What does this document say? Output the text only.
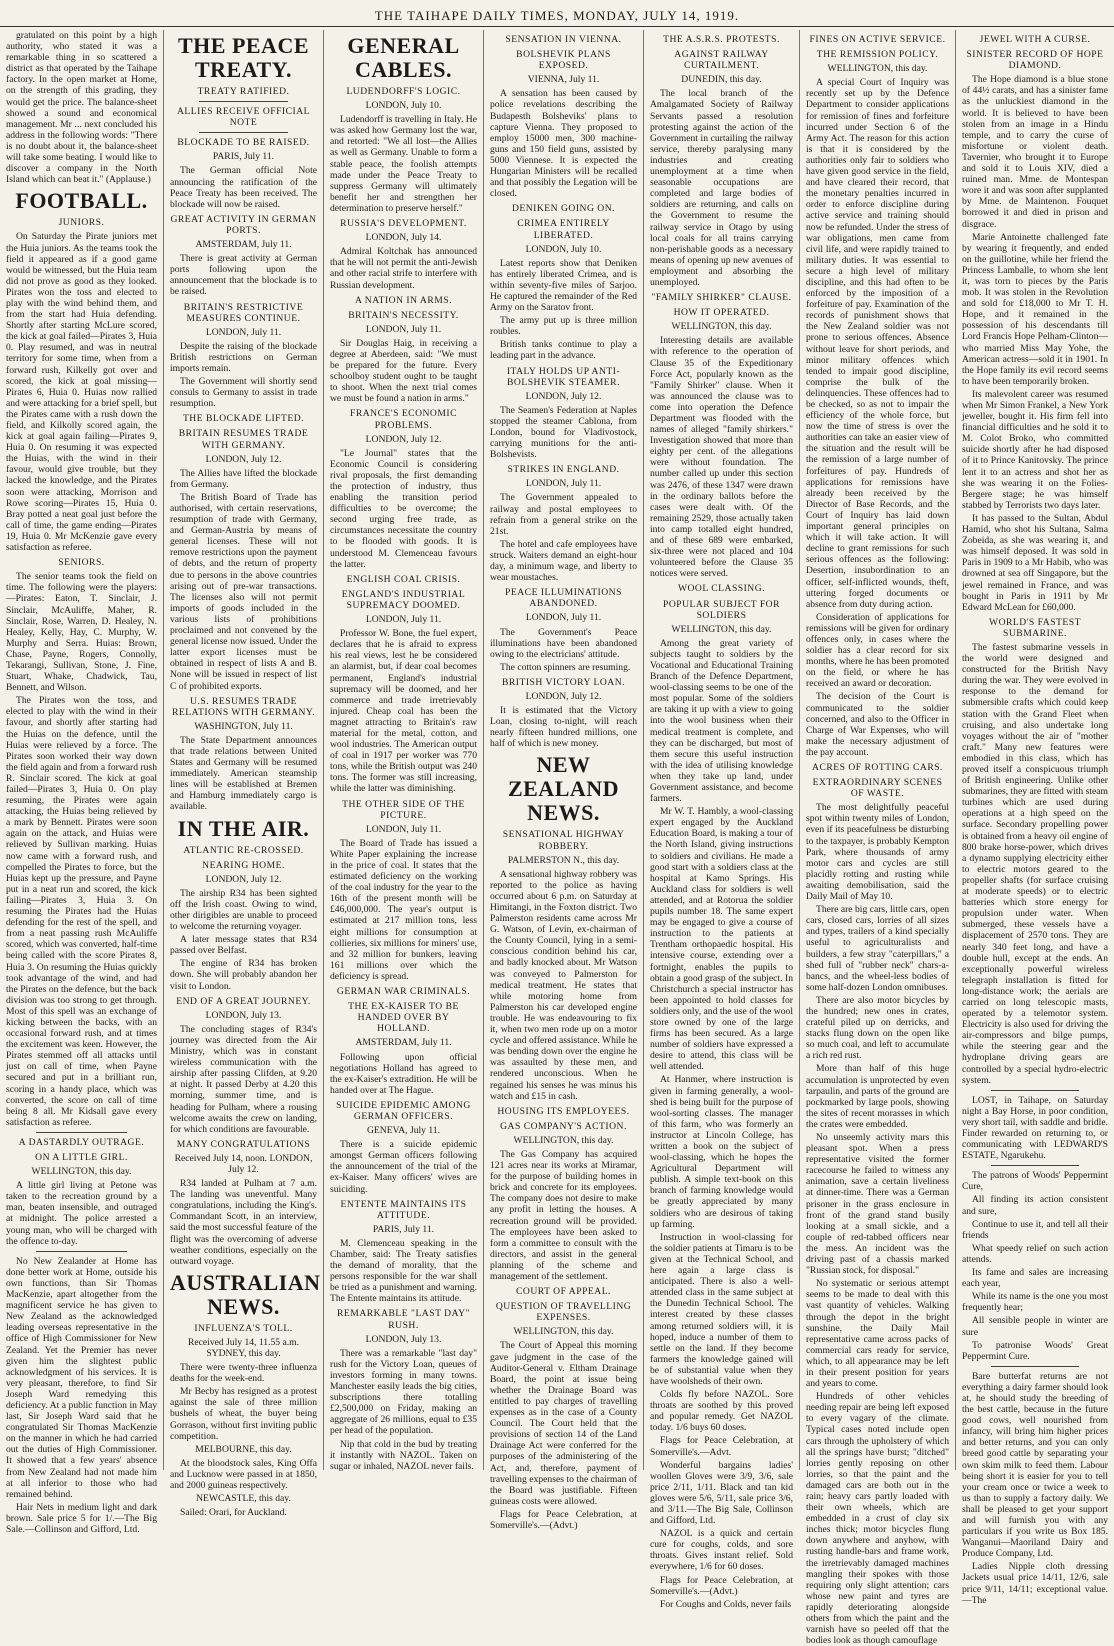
THE TAIHAPE DAILY TIMES, MONDAY, JULY 14, 1919.

gratulated on this point by a high authority, who stated it was a remarkable thing in so scattered a district as that operated by the Taihape factory. In the open market at Home, on the strength of this grading, they would get the price. The balance-sheet showed a sound and economical management. Mr ... next concluded his address in the following words: "There is no doubt about it, the balance-sheet will take some beating. I would like to discover a company in the North Island which can beat it." (Applause.)

FOOTBALL.
JUNIORS.

On Saturday the Pirate juniors met the Huia juniors. As the teams took the field it appeared as if a good game would be witnessed, but the Huia team did not prove as good as they looked. Pirates won the toss and elected to play with the wind behind them, and from the start had Huia defending. Shortly after starting McLure scored, the kick at goal failed—Pirates 3, Huia 0. Play resumed, and was in neutral territory for some time, when from a forward rush, Kilkelly got over and scored, the kick at goal missing—Pirates 6, Huia 0. Huias now rallied and were attacking for a brief spell, but the Pirates came with a rush down the field, and Kilkolly scored again, the kick at goal again failing—Pirates 9, Huia 0. On resuming it was expected the Huias, with the wind in their favour, would give trouble, but they lacked the knowledge, and the Pirates soon were attacking, Morrison and Rowe scoring—Pirates 15, Huia 0. Bray potted a neat goal just before the call of time, the game ending—Pirates 19, Huia 0. Mr McKenzie gave every satisfaction as referee.

SENIORS.

The senior teams took the field on time. The following were the players:—Pirates: Eaton, T. Sinclair, J. Sinclair, McAuliffe, Maher, R. Sinclair, Rose, Warren, D. Healey, N. Healey, Kelly, Hay, C. Murphy, W. Murphy and Serra. Huias: Brown, Chase, Payne, Rogers, Connolly, Tekarangi, Sullivan, Stone, J. Fine, Stuart, Whake, Chadwick, Tau, Bennett, and Wilson.

The Pirates won the toss, and elected to play with the wind in their favour, and shortly after starting had the Huias on the defence, until the Huias were relieved by a force. The Pirates soon worked their way down the field again and from a forward rush R. Sinclair scored. The kick at goal failed—Pirates 3, Huia 0. On play resuming, the Pirates were again attacking, the Huias being relieved by a mark by Bennett. Pirates were soon again on the attack, and Huias were relieved by Sullivan marking. Huias now came with a forward rush, and compelled the Pirates to force, but the Huias kept up the pressure, and Payne put in a neat run and scored, the kick failing—Pirates 3, Huia 3. On resuming the Pirates had the Huias defending for the rest of the spell, and from a neat passing rush McAuliffe scored, which was converted, half-time being called with the score Pirates 8, Huia 3. On resuming the Huias quickly took advantage of the wind, and had the Pirates on the defence, but the back division was too strong to get through. Most of this spell was an exchange of kicking between the backs, with an occasional forward rush, and at times the excitement was keen. However, the Pirates stemmed off all attacks until just on call of time, when Payne secured and put in a brilliant run, scoring in a handy place, which was converted, the score on call of time being 8 all. Mr Kidsall gave every satisfaction as referee.

A DASTARDLY OUTRAGE.
ON A LITTLE GIRL.
WELLINGTON, this day.

A little girl living at Petone was taken to the recreation ground by a man, beaten insensible, and outraged at midnight. The police arrested a young man, who will be charged with the offence to-day.

No New Zealander at Home has done better work at Home, outside his own functions, than Sir Thomas MacKenzie, apart altogether from the magnificent service he has given to New Zealand as the acknowledged leading overseas representative in the office of High Commissioner for New Zealand. Yet the Premier has never given him the slightest public acknowledgment of his services. It is very pleasant, therefore, to find Sir Joseph Ward remedying this deficiency. At a public function in May last, Sir Joseph Ward said that he congratulated Sir Thomas MacKenzie on the manner in which he had carried out the duties of High Commissioner. It showed that a few years' absence from New Zealand had not made him at all inferior to those who had remained behind.

Hair Nets in medium light and dark brown. Sale price 5 for 1/.—The Big Sale.—Collinson and Gifford, Ltd.

THE PEACE TREATY.
TREATY RATIFIED.
ALLIES RECEIVE OFFICIAL NOTE
BLOCKADE TO BE RAISED.
PARIS, July 11.

The German official Note announcing the ratification of the Peace Treaty has been received. The blockade will now be raised.

GREAT ACTIVITY IN GERMAN PORTS.
AMSTERDAM, July 11.

There is great activity at German ports following upon the announcement that the blockade is to be raised.

BRITAIN'S RESTRICTIVE MEASURES CONTINUE.
LONDON, July 11.

Despite the raising of the blockade British restrictions on German imports remain.

The Government will shortly send consuls to Germany to assist in trade resumption.

THE BLOCKADE LIFTED.
BRITAIN RESUMES TRADE WITH GERMANY.
LONDON, July 12.

The Allies have lifted the blockade from Germany.

The British Board of Trade has authorised, with certain reservations, resumption of trade with Germany, and German-Austria by means of general licenses. These will not remove restrictions upon the payment of debts, and the return of property due to persons in the above countries arising out of pre-war transactions. The licenses also will not permit imports of goods included in the various lists of prohibitions proclaimed and not convened by the general license now issued. Under the latter export licenses must be obtained in respect of lists A and B. None will be issued in respect of list C of prohibited exports.

U.S. RESUMES TRADE RELATIONS WITH GERMANY.
WASHINGTON, July 11.

The State Department announces that trade relations between United States and Germany will be resumed immediately. American steamship lines will be established at Bremen and Hamburg immediately cargo is available.

IN THE AIR.
ATLANTIC RE-CROSSED.
NEARING HOME.
LONDON, July 12.

The airship R34 has been sighted off the Irish coast. Owing to wind, other dirigibles are unable to proceed to welcome the returning voyager.

A later message states that R34 passed over Belfast.

The engine of R34 has broken down. She will probably abandon her visit to London.

END OF A GREAT JOURNEY.
LONDON, July 13.

The concluding stages of R34's journey was directed from the Air Ministry, which was in constant wireless communication with the airship after passing Clifden, at 9.20 at night. It passed Derby at 4.20 this morning, summer time, and is heading for Pulham, where a rousing welcome awaits the crew on landing, for which conditions are favourable.

MANY CONGRATULATIONS
Received July 14, noon. LONDON, July 12.

R34 landed at Pulham at 7 a.m. The landing was uneventful. Many congratulations, including the King's. Commandant Scott, in an interview, said the most successful feature of the flight was the overcoming of adverse weather conditions, especially on the outward voyage.

AUSTRALIAN NEWS.
INFLUENZA'S TOLL.
Received July 14, 11.55 a.m. SYDNEY, this day.

There were twenty-three influenza deaths for the week-end.

Mr Becby has resigned as a protest against the sale of three million bushels of wheat, the buyer being Gorrason, without first inviting public competition.

MELBOURNE, this day.

At the bloodstock sales, King Offa and Lucknow were passed in at 1850, and 2000 guineas respectively.

NEWCASTLE, this day.

Sailed: Orari, for Auckland.

GENERAL CABLES.
LUDENDORFF'S LOGIC.
LONDON, July 10.

Ludendorff is travelling in Italy. He was asked how Germany lost the war, and retorted: "We all lost—the Allies as well as Germany. Unable to form a stable peace, the foolish attempts made under the Peace Treaty to suppress Germany will ultimately benefit her and strengthen her determination to preserve herself."

RUSSIA'S DEVELOPMENT.
LONDON, July 14.

Admiral Koltchak has announced that he will not permit the anti-Jewish and other racial strife to interfere with Russian development.

A NATION IN ARMS.
BRITAIN'S NECESSITY.
LONDON, July 11.

Sir Douglas Haig, in receiving a degree at Aberdeen, said: "We must be prepared for the future. Every schoolboy student ought to be taught to shoot. When the next trial comes we must be found a nation in arms."

FRANCE'S ECONOMIC PROBLEMS.
LONDON, July 12.

"Le Journal" states that the Economic Council is considering rival proposals, the first demanding the protection of industry, thus enabling the transition period difficulties to be overcome; the second urging free trade, as circumstances necessitate the country to be flooded with goods. It is understood M. Clemenceau favours the latter.

ENGLISH COAL CRISIS.
ENGLAND'S INDUSTRIAL SUPREMACY DOOMED.
LONDON, July 11.

Professor W. Bone, the fuel expert, declares that he is afraid to express his real views, lest he be considered an alarmist, but, if dear coal becomes permanent, England's industrial supremacy will be doomed, and her commerce and trade irretrievably injured. Cheap coal has been the magnet attracting to Britain's raw material for the metal, cotton, and wool industries. The American output of coal in 1917 per worker was 770 tons, while the British output was 240 tons. The former was still increasing, while the latter was diminishing.

THE OTHER SIDE OF THE PICTURE.
LONDON, July 11.

The Board of Trade has issued a White Paper explaining the increase in the price of coal. It states that the estimated deficiency on the working of the coal industry for the year to the 16th of the present month will be £46,000,000. The year's output is estimated at 217 million tons, less eight millions for consumption at collieries, six millions for miners' use, and 32 million for bunkers, leaving 161 millions over which the deficiency is spread.

GERMAN WAR CRIMINALS.
THE EX-KAISER TO BE HANDED OVER BY HOLLAND.
AMSTERDAM, July 11.

Following upon official negotiations Holland has agreed to the ex-Kaiser's extradition. He will be handed over at The Hague.

SUICIDE EPIDEMIC AMONG GERMAN OFFICERS.
GENEVA, July 11.

There is a suicide epidemic amongst German officers following the announcement of the trial of the ex-Kaiser. Many officers' wives are suiciding.

ENTENTE MAINTAINS ITS ATTITUDE.
PARIS, July 11.

M. Clemenceau speaking in the Chamber, said: The Treaty satisfies the demand of morality, that the persons responsible for the war shall be tried as a punishment and warning. The Entente maintains its attitude.

REMARKABLE "LAST DAY" RUSH.
LONDON, July 13.

There was a remarkable "last day" rush for the Victory Loan, queues of investors forming in many towns. Manchester easily leads the big cities, subscriptions there totalling £2,500,000 on Friday, making an aggregate of 26 millions, equal to £35 per head of the population.

Nip that cold in the bud by treating it instantly with NAZOL. Taken on sugar or inhaled, NAZOL never fails.

SENSATION IN VIENNA.
BOLSHEVIK PLANS EXPOSED.
VIENNA, July 11.

A sensation has been caused by police revelations describing the Budapesth Bolsheviks' plans to capture Vienna. They proposed to employ 15000 men, 300 machine-guns and 150 field guns, assisted by 5000 Viennese. It is expected the Hungarian Ministers will be recalled and that possibly the Legation will be closed.

DENIKEN GOING ON.
CRIMEA ENTIRELY LIBERATED.
LONDON, July 10.

Latest reports show that Deniken has entirely liberated Crimea, and is within seventy-five miles of Sarjoo. He captured the remainder of the Red Army on the Saratov front.

The army put up is three million roubles.

British tanks continue to play a leading part in the advance.

ITALY HOLDS UP ANTI-BOLSHEVIK STEAMER.
LONDON, July 12.

The Seamen's Federation at Naples stopped the steamer Cablona, from London, bound for Vladivostock, carrying munitions for the anti-Bolshevists.

STRIKES IN ENGLAND.
LONDON, July 11.

The Government appealed to railway and postal employees to refrain from a general strike on the 21st.

The hotel and cafe employees have struck. Waiters demand an eight-hour day, a minimum wage, and liberty to wear moustaches.

PEACE ILLUMINATIONS ABANDONED.
LONDON, July 11.

The Government's Peace illuminations have been abandoned owing to the electricians' attitude.

The cotton spinners are resuming.

BRITISH VICTORY LOAN.
LONDON, July 12.

It is estimated that the Victory Loan, closing to-night, will reach nearly fifteen hundred millions, one half of which is new money.

NEW ZEALAND NEWS.
SENSATIONAL HIGHWAY ROBBERY.
PALMERSTON N., this day.

A sensational highway robbery was reported to the police as having occurred about 6 p.m. on Saturday at Himitangi, in the Foxton district. Two Palmerston residents came across Mr G. Watson, of Levin, ex-chairman of the County Council, lying in a semi-conscious condition behind his car, and badly knocked about. Mr Watson was conveyed to Palmerston for medical treatment. He states that while motoring home from Palmerston his car developed engine trouble. He was endeavouring to fix it, when two men rode up on a motor cycle and offered assistance. While he was bending down over the engine he was assaulted by these men, and rendered unconscious. When he regained his senses he was minus his watch and £15 in cash.

HOUSING ITS EMPLOYEES.
GAS COMPANY'S ACTION.
WELLINGTON, this day.

The Gas Company has acquired 121 acres near its works at Miramar, for the purpose of building homes in brick and concrete for its employees. The company does not desire to make any profit in letting the houses. A recreation ground will be provided. The employees have been asked to form a committee to consult with the directors, and assist in the general planning of the scheme and management of the settlement.

COURT OF APPEAL.
QUESTION OF TRAVELLING EXPENSES.
WELLINGTON, this day.

The Court of Appeal this morning gave judgment in the case of the Auditor-General v. Eltham Drainage Board, the point at issue being whether the Drainage Board was entitled to pay charges of travelling expenses as in the case of a County Council. The Court held that the provisions of section 14 of the Land Drainage Act were conferred for the purposes of the administering of the Act, and, therefore, payment of travelling expenses to the chairman of the Board was justifiable. Fifteen guineas costs were allowed.

Flags for Peace Celebration, at Somerville's.—(Advt.)

THE A.S.R.S. PROTESTS.
AGAINST RAILWAY CURTAILMENT.
DUNEDIN, this day.

The local branch of the Amalgamated Society of Railway Servants passed a resolution protesting against the action of the Government in curtailing the railway service, thereby paralysing many industries and creating unemployment at a time when seasonable occupations are completed and large bodies of soldiers are returning, and calls on the Government to resume the railway service in Otago by using local coals for all trains carrying non-perishable goods as a necessary means of opening up new avenues of employment and absorbing the unemployed.

"FAMILY SHIRKER" CLAUSE.
HOW IT OPERATED.
WELLINGTON, this day.

Interesting details are available with reference to the operation of Clause 35 of the Expeditionary Force Act, popularly known as the "Family Shirker" clause. When it was announced the clause was to come into operation the Defence Department was flooded with the names of alleged "family shirkers." Investigation showed that more than eighty per cent. of the allegations were without foundation. The number called up under this section was 2476, of these 1347 were drawn in the ordinary ballots before the cases were dealt with. Of the remaining 2529, those actually taken into camp totalled eight hundred, and of these 689 were embarked, six-three were not placed and 104 volunteered before the Clause 35 notices were served.

WOOL CLASSING.
POPULAR SUBJECT FOR SOLDIERS
WELLINGTON, this day.

Among the great variety of subjects taught to soldiers by the Vocational and Educational Training Branch of the Defence Department, wool-classing seems to be one of the most popular. Some of the soldiers are taking it up with a view to going into the wool business when their medical treatment is complete, and they can be discharged, but most of them secure this useful instruction with the idea of utilising knowledge when they take up land, under Government assistance, and become farmers.

Mr W. T. Hambly, a wool-classing expert engaged by the Auckland Education Board, is making a tour of the North Island, giving instructions to soldiers and civilians. He made a good start with a soldiers class at the hospital at Kamo Springs. His Auckland class for soldiers is well attended, and at Rotorua the soldier pupils number 18. The same expert may be engaged to give a course of instruction to the patients at Trentham orthopaedic hospital. His intensive course, extending over a fortnight, enables the pupils to obtain a good grasp of the subject. In Christchurch a special instructor has been appointed to hold classes for soldiers only, and the use of the wool store owned by one of the large firms has been secured. As a large number of soldiers have expressed a desire to attend, this class will be well attended.

At Hanmer, where instruction is given in farming generally, a wool-shed is being built for the purpose of wool-sorting classes. The manager of this farm, who was formerly an instructor at Lincoln College, has written a book on the subject of wool-classing, which he hopes the Agricultural Department will publish. A simple text-book on this branch of farming knowledge would be greatly appreciated by many soldiers who are desirous of taking up farming.

Instruction in wool-classing for the soldier patients at Timaru is to be given at the Technical School, and here again a large class is anticipated. There is also a well-attended class in the same subject at the Dunedin Technical School. The interest created by these classes among returned soldiers will, it is hoped, induce a number of them to settle on the land. If they become farmers the knowledge gained will be of substantial value when they have woolsheds of their own.

Colds fly before NAZOL. Sore throats are soothed by this proved and popular remedy. Get NAZOL today. 1/6 buys 60 doses.

Flags for Peace Celebration, at Somerville's.—Advt.

Wonderful bargains ladies' woollen Gloves were 3/9, 3/6, sale price 2/11, 1/11. Black and tan kid gloves were 5/6, 5/11, sale price 3/6, and 3/11.—The Big Sale, Collinson and Gifford, Ltd.

NAZOL is a quick and certain cure for coughs, colds, and sore throats. Gives instant relief. Sold everywhere, 1/6 for 60 doses.

Flags for Peace Celebration, at Somerville's.—(Advt.)

For Coughs and Colds, never fails

FINES ON ACTIVE SERVICE.
THE REMISSION POLICY.
WELLINGTON, this day.

A special Court of Inquiry was recently set up by the Defence Department to consider applications for remission of fines and forfeiture incurred under Section 6 of the Army Act. The reason for this action is that it is considered by the authorities only fair to soldiers who have given good service in the field, and have cleared their record, that the monetary penalties incurred in order to enforce discipline during active service and training should now be refunded. Under the stress of war obligations, men came from civil life, and were rapidly trained to military duties. It was essential to secure a high level of military discipline, and this had often to be enforced by the imposition of a forfeiture of pay. Examination of the records of punishment shows that the New Zealand soldier was not prone to serious offences. Absence without leave for short periods, and minor military offences which tended to impair good discipline, comprise the bulk of the delinquencies. These offences had to be checked, so as not to impair the efficiency of the whole force, but now the time of stress is over the authorities can take an easier view of the situation and the result will be the remission of a large number of forfeitures of pay. Hundreds of applications for remissions have already been received by the Director of Base Records, and the Court of Inquiry has laid down important general principles on which it will take action. It will decline to grant remissions for such serious offences as the following: Desertion, insubordination to an officer, self-inflicted wounds, theft, uttering forged documents or absence from duty during action.

Consideration of applications for remissions will be given for ordinary offences only, in cases where the soldier has a clear record for six months, where he has been promoted on the field, or where he has received an award or decoration.

The decision of the Court is communicated to the soldier concerned, and also to the Officer in Charge of War Expenses, who will make the necessary adjustment of the pay account.

ACRES OF ROTTING CARS.
EXTRAORDINARY SCENES OF WASTE.

The most delightfully peaceful spot within twenty miles of London, even if its peacefulness be disturbing to the taxpayer, is probably Kempton Park, where thousands of army motor cars and cycles are still placidly rotting and rusting while awaiting demobilisation, said the Daily Mail of May 10.

There are big cars, little cars, open cars, closed cars, lorries of all sizes and types, trailers of a kind specially useful to agriculturalists and builders, a few stray "caterpillars," a shed full of "rubber neck" chars-a-bancs, and the wheel-less bodies of some half-dozen London omnibuses.

There are also motor bicycles by the hundred; new ones in crates, crateful piled up on derricks, and stacks flung down on the open like so much coal, and left to accumulate a rich red rust.

More than half of this huge accumulation is unprotected by even tarpaulin, and parts of the ground are pockmarked by large pools, showing the sites of recent morasses in which the crates were embedded.

No unseemly activity mars this pleasant spot. When a press representative visited the former racecourse he failed to witness any animation, save a certain liveliness at dinner-time. There was a German prisoner in the grass enclosure in front of the grand stand busily looking at a small sickle, and a couple of red-tabbed officers near the mess. An incident was the driving past of a chassis marked "Russian stock, for disposal."

No systematic or serious attempt seems to be made to deal with this vast quantity of vehicles. Walking through the depot in the bright sunshine, the Daily Mail representative came across packs of commercial cars ready for service, which, to all appearance may be left in their present position for years and years to come.

Hundreds of other vehicles needing repair are being left exposed to every vagary of the climate. Typical cases noted include open cars through the upholstery of which all the springs have burst; "ditched" lorries gently reposing on other lorries, so that the paint and the damaged cars are both out in the rain; heavy cars partly loaded with their own wheels, which are embedded in a crust of clay six inches thick; motor bicycles flung down anywhere and anyhow, with rusting handle-bars and frame work, the irretrievably damaged machines mangling their spokes with those requiring only slight attention; cars whose new paint and tyres are rapidly deteriorating alongside others from which the paint and the varnish have so peeled off that the bodies look as though camouflage

JEWEL WITH A CURSE.
SINISTER RECORD OF HOPE DIAMOND.

The Hope diamond is a blue stone of 44½ carats, and has a sinister fame as the unluckiest diamond in the world. It is believed to have been stolen from an image in a Hindu temple, and to carry the curse of misfortune or violent death. Tavernier, who brought it to Europe and sold it to Louis XIV, died a ruined man. Mme. de Montespan wore it and was soon after supplanted by Mme. de Maintenon. Fouquet borrowed it and died in prison and disgrace.

Marie Antoinette challenged fate by wearing it frequently, and ended on the guillotine, while her friend the Princess Lamballe, to whom she lent it, was torn to pieces by the Paris mob. It was stolen in the Revolution and sold for £18,000 to Mr T. H. Hope, and it remained in the possession of his descendants till Lord Francis Hope Pelham-Clinton—who married Miss May Yohe, the American actress—sold it in 1901. In the Hope family its evil record seems to have been temporarily broken.

Its malevolent career was resumed when Mr Simon Frankel, a New York jeweller, bought it. His firm fell into financial difficulties and he sold it to M. Colot Broko, who committed suicide shortly after he had disposed of it to Prince Kanitovsky. The prince lent it to an actress and shot her as she was wearing it on the Folies-Bergere stage; he was himself stabbed by Terrorists two days later.

It has passed to the Sultan, Abdul Hamid, who shot his Sultana, Salma Zobeida, as she was wearing it, and was himself deposed. It was sold in Paris in 1909 to a Mr Habib, who was drowned at sea off Singapore, but the jewel remained in France, and was bought in Paris in 1911 by Mr Edward McLean for £60,000.

WORLD'S FASTEST SUBMARINE.

The fastest submarine vessels in the world were designed and constructed for the British Navy during the war. They were evolved in response to the demand for submersible crafts which could keep station with the Grand Fleet when cruising, and also undertake long voyages without the air of "mother craft." Many new features were embodied in this class, which has proved itself a conspicuous triumph of British engineering. Unlike other submarines, they are fitted with steam turbines which are used during operations at a high speed on the surface. Secondary propelling power is obtained from a heavy oil engine of 800 brake horse-power, which drives a dynamo supplying electricity either to electric motors geared to the propeller shafts (for surface cruising at moderate speeds) or to electric batteries which store energy for propulsion under water. When submerged, these vessels have a displacement of 2570 tons. They are nearly 340 feet long, and have a double hull, except at the ends. An exceptionally powerful wireless telegraph installation is fitted for long-distance work; the aerials are carried on long telescopic masts, operated by a telemotor system. Electricity is also used for driving the air-compressors and bilge pumps, while the steering gear and the hydroplane driving gears are controlled by a special hydro-electric system.

LOST, in Taihape, on Saturday night a Bay Horse, in poor condition, very short tail, with saddle and bridle. Finder rewarded on returning to, or communicating with LEDWARD'S ESTATE, Ngarukehu.

The patrons of Woods' Peppermint Cure,

All finding its action consistent and sure,

Continue to use it, and tell all their friends

What speedy relief on such action attends.

Its fame and sales are increasing each year,

While its name is the one you most frequently hear;

All sensible people in winter are sure

To patronise Woods' Great Peppermint Cure.

Bare butterfat returns are not everything a dairy farmer should look at, he should study the breeding of the best cattle, because in the future good cows, well nourished from infancy, will bring him higher prices and better returns, and you can only breed good cattle by separating your own skim milk to feed them. Labour being short it is easier for you to tell your cream once or twice a week to us than to supply a factory daily. We shall be pleased to get your support and will furnish you with any particulars if you write us Box 185. Wanganui—Maoriland Dairy and Produce Company, Ltd.

Ladies Nipple cloth dressing Jackets usual price 14/11, 12/6, sale price 9/11, 14/11; exceptional value.—The
